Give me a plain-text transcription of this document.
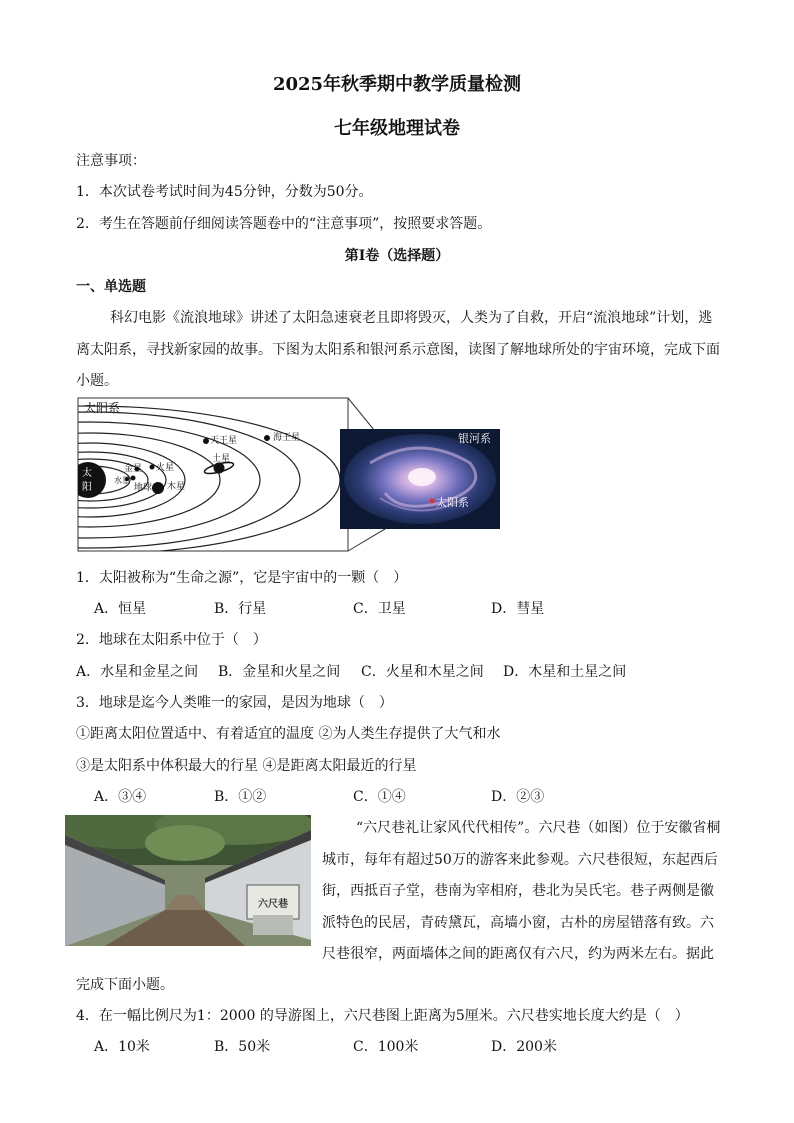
2025年秋季期中教学质量检测
七年级地理试卷
注意事项：
1．本次试卷考试时间为45分钟，分数为50分。
2．考生在答题前仔细阅读答题卷中的“注意事项”，按照要求答题。
第Ⅰ卷（选择题）
一、单选题
科幻电影《流浪地球》讲述了太阳急速衰老且即将毁灭，人类为了自救，开启“流浪地球”计划，逃
离太阳系，寻找新家园的故事。下图为太阳系和银河系示意图，读图了解地球所处的宇宙环境，完成下面
小题。
太阳系
太
阳
水星
金星
地球
火星
木星
土星
天王星	海王星	银河系
太阳系
1．太阳被称为“生命之源”，它是宇宙中的一颗（　）
A．恒星	B．行星	C．卫星	D．彗星
2．地球在太阳系中位于（　）
A．水星和金星之间 B．金星和火星之间 C．火星和木星之间 D．木星和土星之间
3．地球是迄今人类唯一的家园，是因为地球（　）
①距离太阳位置适中、有着适宜的温度 ②为人类生存提供了大气和水
③是太阳系中体积最大的行星 ④是距离太阳最近的行星
A．③④	B．①②	C．①④	D．②③
六尺巷
“六尺巷礼让家风代代相传”。六尺巷（如图）位于安徽省桐
城市，每年有超过50万的游客来此参观。六尺巷很短，东起西后
街，西抵百子堂，巷南为宰相府，巷北为吴氏宅。巷子两侧是徽
派特色的民居，青砖黛瓦，高墙小窗，古朴的房屋错落有致。六
尺巷很窄，两面墙体之间的距离仅有六尺，约为两米左右。据此
完成下面小题。
4．在一幅比例尺为1：2000 的导游图上，六尺巷图上距离为5厘米。六尺巷实地长度大约是（　）
A．10米	B．50米	C．100米	D．200米
